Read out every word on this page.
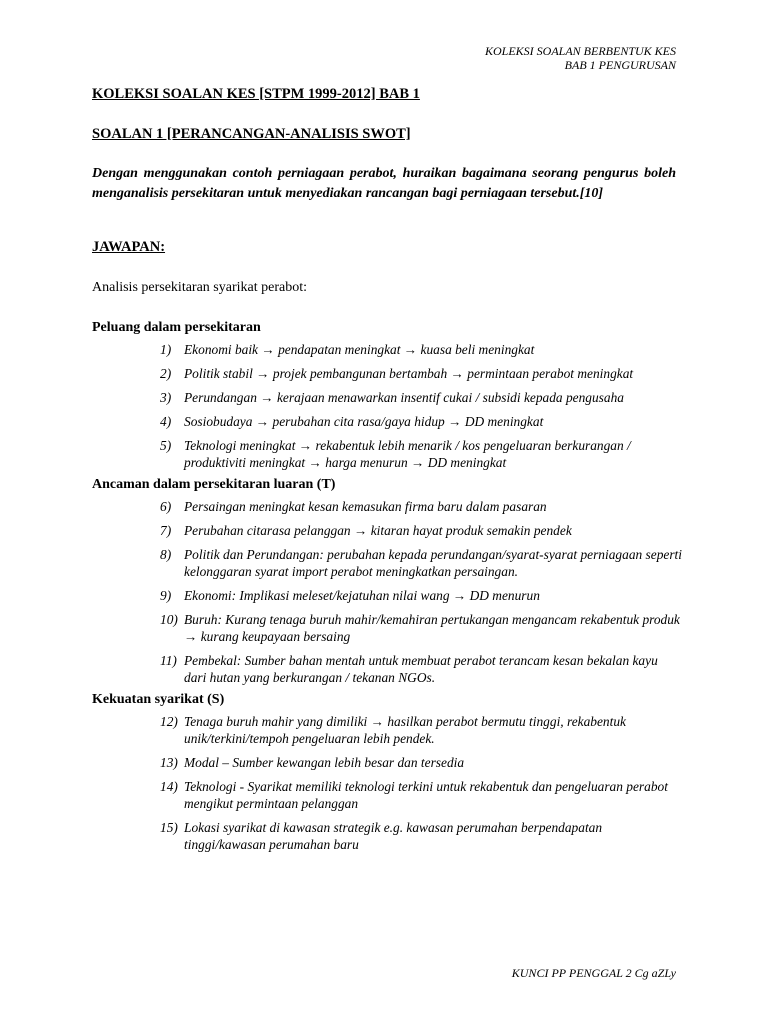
KOLEKSI SOALAN BERBENTUK KES
BAB 1 PENGURUSAN
KOLEKSI SOALAN KES [STPM 1999-2012] BAB 1
SOALAN 1 [PERANCANGAN-ANALISIS SWOT]

Dengan menggunakan contoh perniagaan perabot, huraikan bagaimana seorang pengurus boleh menganalisis persekitaran untuk menyediakan rancangan bagi perniagaan tersebut.[10]

JAWAPAN:
Analisis persekitaran syarikat perabot:
Peluang dalam persekitaran
1) Ekonomi baik → pendapatan meningkat → kuasa beli meningkat
2) Politik stabil → projek pembangunan bertambah → permintaan perabot meningkat
3) Perundangan → kerajaan menawarkan insentif cukai / subsidi kepada pengusaha
4) Sosiobudaya → perubahan cita rasa/gaya hidup → DD meningkat
5) Teknologi meningkat → rekabentuk lebih menarik / kos pengeluaran berkurangan / produktiviti meningkat → harga menurun → DD meningkat
Ancaman dalam persekitaran luaran (T)
6) Persaingan meningkat kesan kemasukan firma baru dalam pasaran
7) Perubahan citarasa pelanggan → kitaran hayat produk semakin pendek
8) Politik dan Perundangan: perubahan kepada perundangan/syarat-syarat perniagaan seperti kelonggaran syarat import perabot meningkatkan persaingan.
9) Ekonomi: Implikasi meleset/kejatuhan nilai wang → DD menurun
10) Buruh: Kurang tenaga buruh mahir/kemahiran pertukangan mengancam rekabentuk produk → kurang keupayaan bersaing
11) Pembekal: Sumber bahan mentah untuk membuat perabot terancam kesan bekalan kayu dari hutan yang berkurangan / tekanan NGOs.
Kekuatan syarikat (S)
12) Tenaga buruh mahir yang dimiliki → hasilkan perabot bermutu tinggi, rekabentuk unik/terkini/tempoh pengeluaran lebih pendek.
13) Modal – Sumber kewangan lebih besar dan tersedia
14) Teknologi - Syarikat memiliki teknologi terkini untuk rekabentuk dan pengeluaran perabot mengikut permintaan pelanggan
15) Lokasi syarikat di kawasan strategik e.g. kawasan perumahan berpendapatan tinggi/kawasan perumahan baru
KUNCI PP PENGGAL 2 Cg aZLy
